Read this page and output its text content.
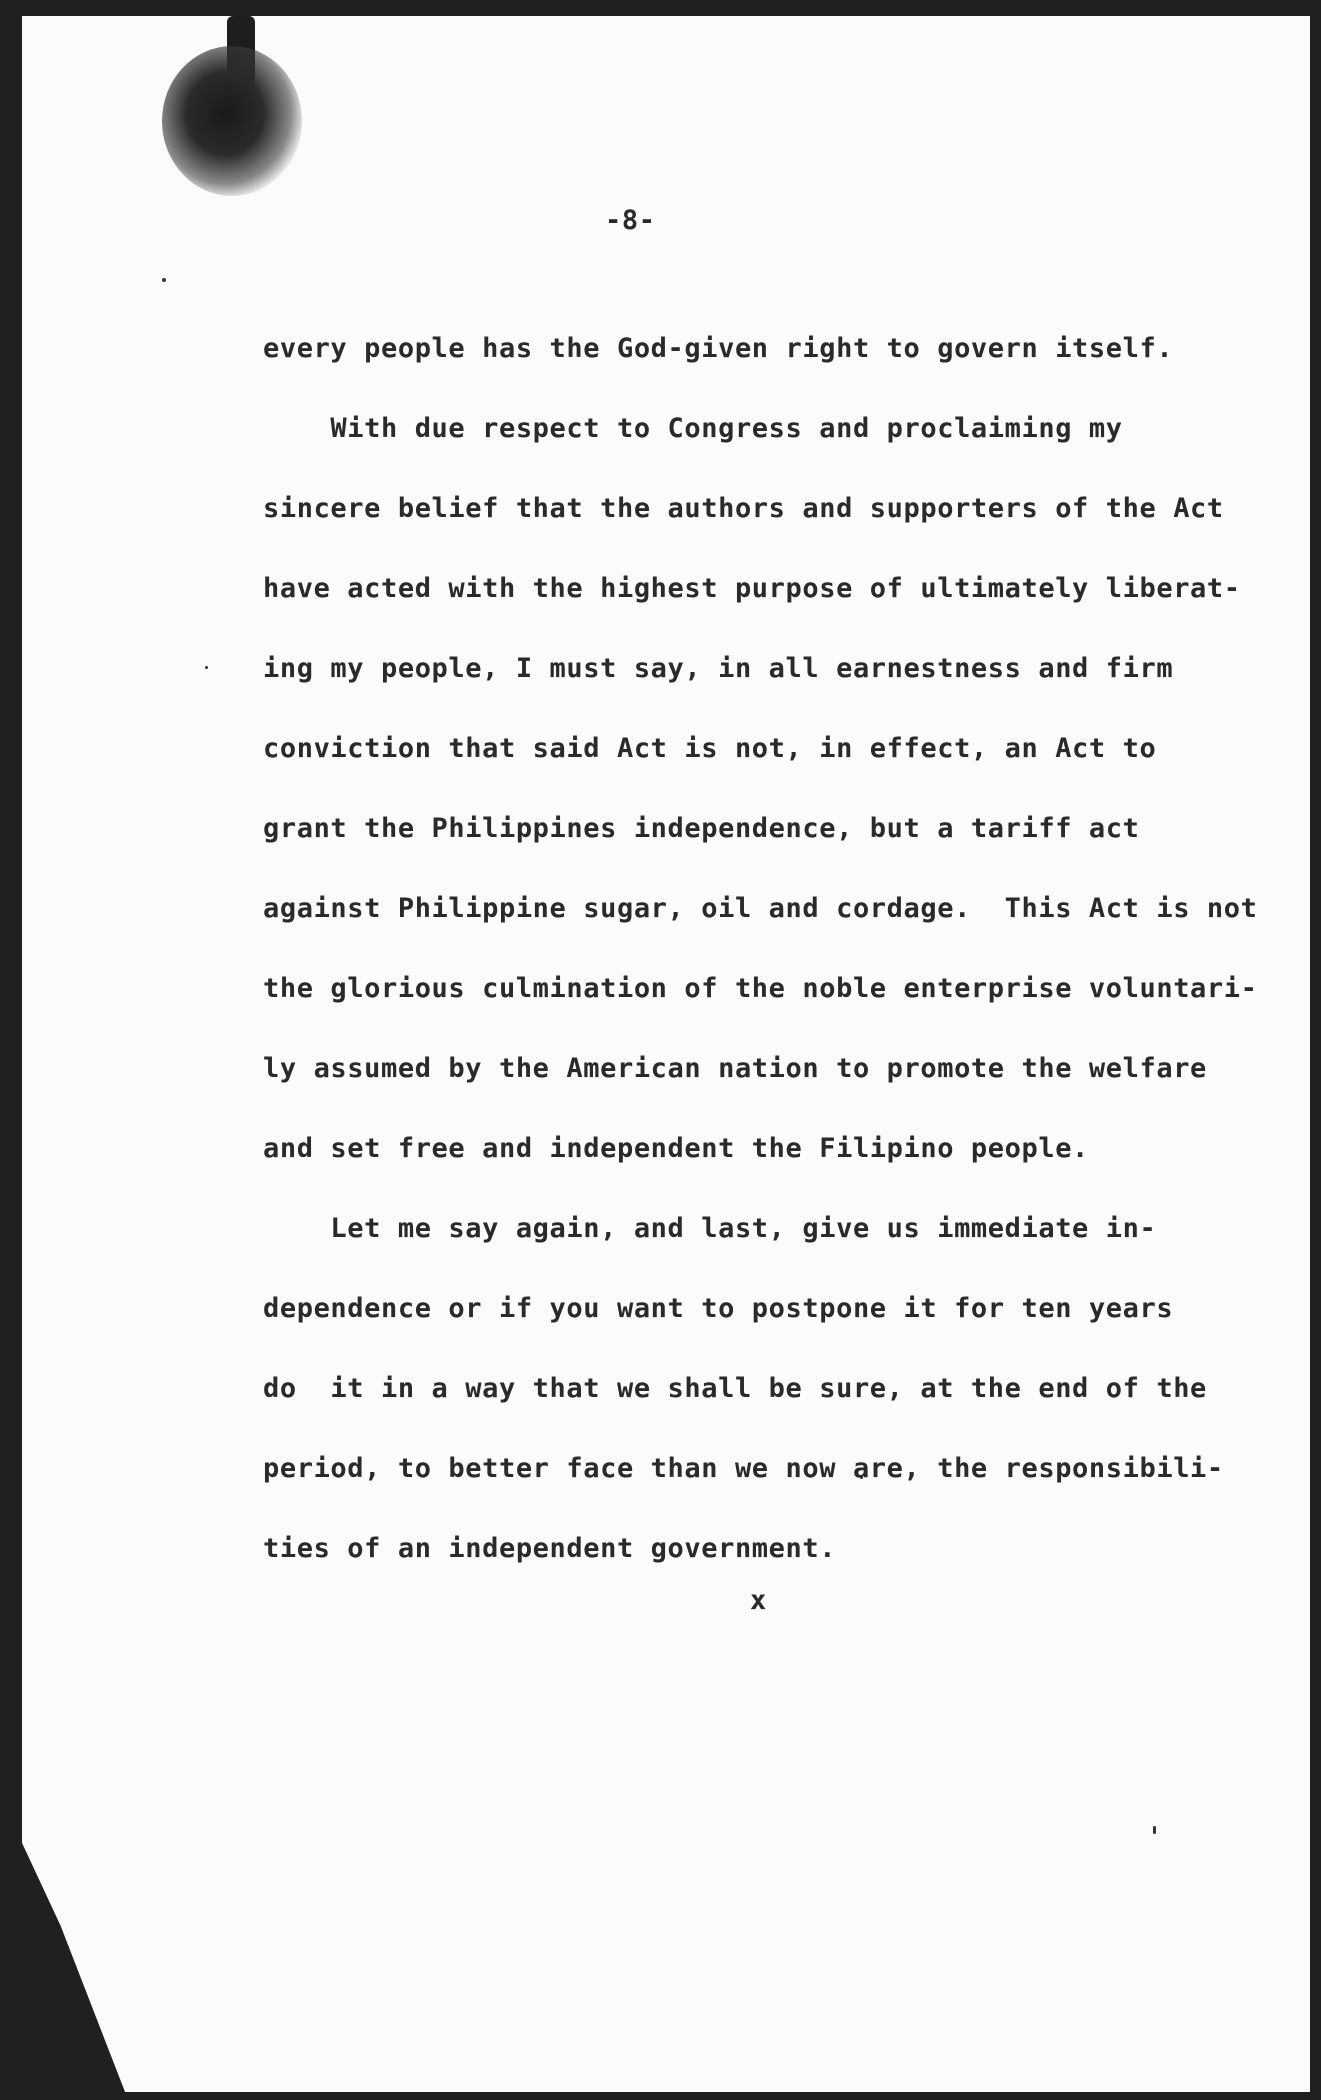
-8-
every people has the God-given right to govern itself.
With due respect to Congress and proclaiming my
sincere belief that the authors and supporters of the Act
have acted with the highest purpose of ultimately liberat-
ing my people, I must say, in all earnestness and firm
conviction that said Act is not, in effect, an Act to
grant the Philippines independence, but a tariff act
against Philippine sugar, oil and cordage.  This Act is not
the glorious culmination of the noble enterprise voluntari-
ly assumed by the American nation to promote the welfare
and set free and independent the Filipino people.
Let me say again, and last, give us immediate in-
dependence or if you want to postpone it for ten years
do  it in a way that we shall be sure, at the end of the
period, to better face than we now are, the responsibili-
ties of an independent government.
x
